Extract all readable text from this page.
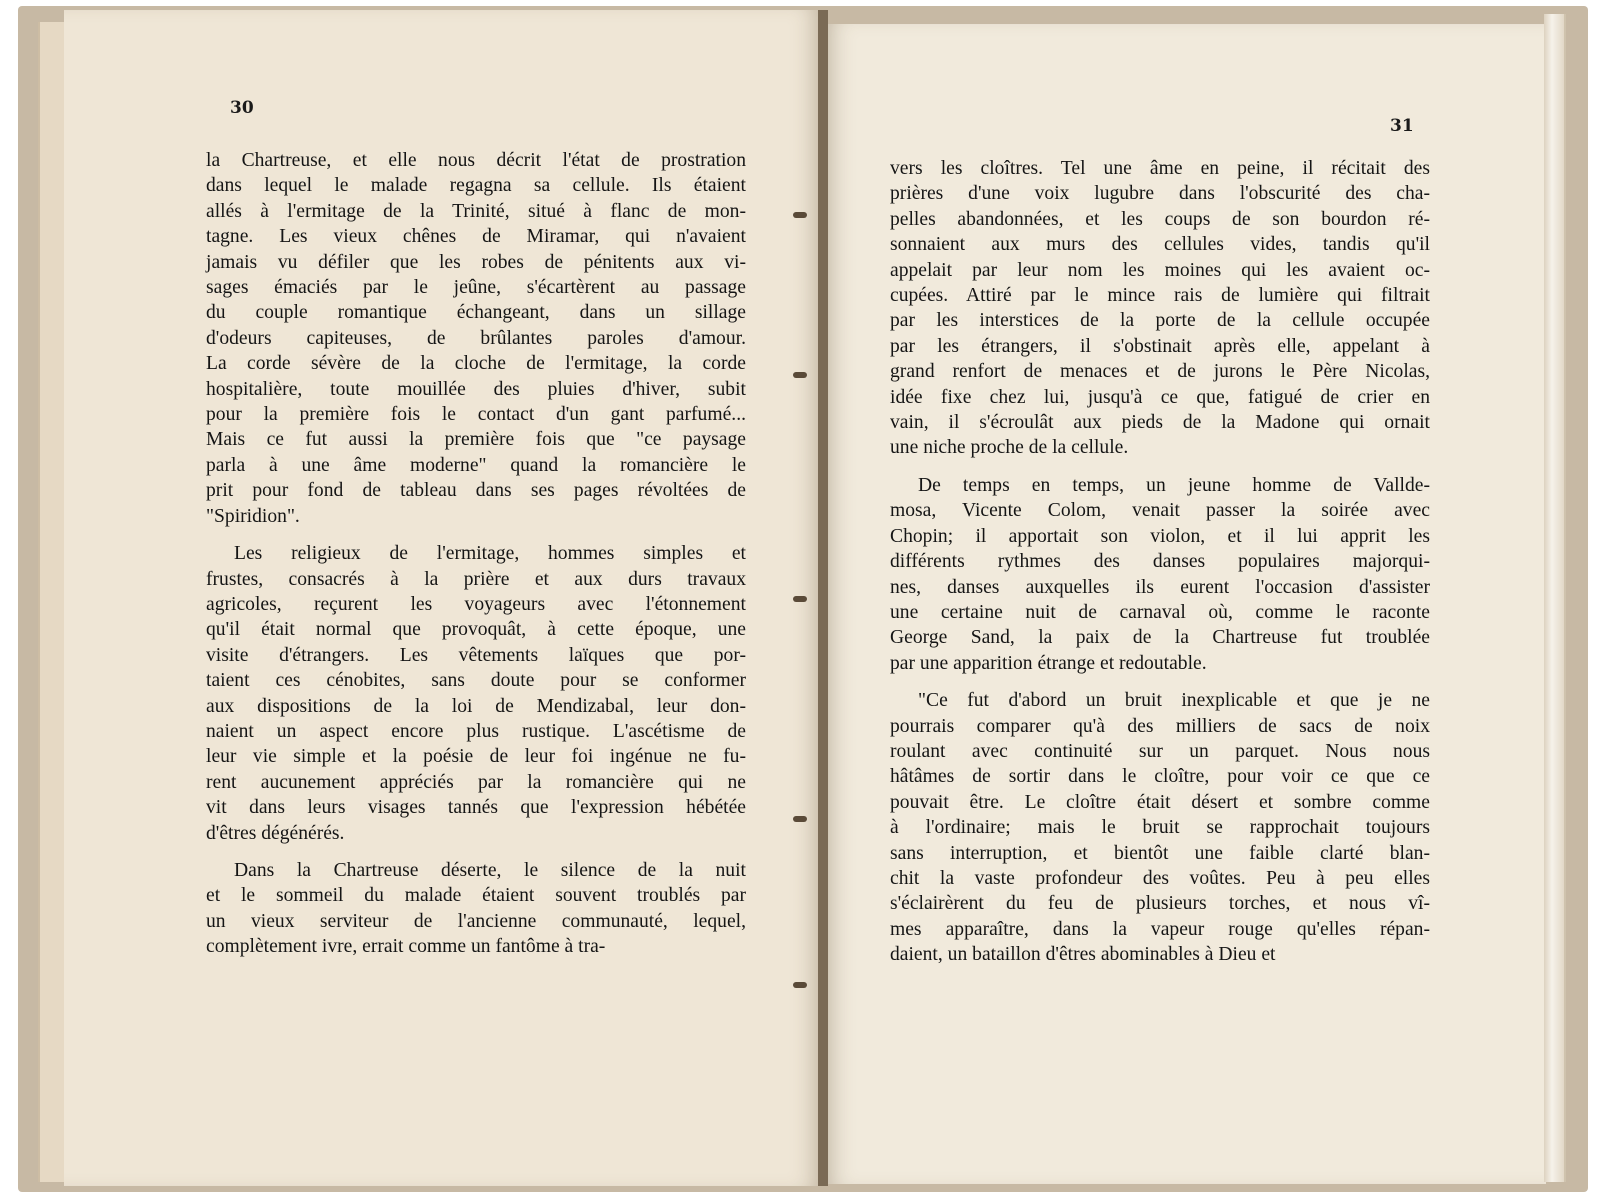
30
31

la Chartreuse, et elle nous décrit l'état de prostration
dans lequel le malade regagna sa cellule. Ils étaient
allés à l'ermitage de la Trinité, situé à flanc de mon-
tagne. Les vieux chênes de Miramar, qui n'avaient
jamais vu défiler que les robes de pénitents aux vi-
sages émaciés par le jeûne, s'écartèrent au passage
du couple romantique échangeant, dans un sillage
d'odeurs capiteuses, de brûlantes paroles d'amour.
La corde sévère de la cloche de l'ermitage, la corde
hospitalière, toute mouillée des pluies d'hiver, subit
pour la première fois le contact d'un gant parfumé...
Mais ce fut aussi la première fois que "ce paysage
parla à une âme moderne" quand la romancière le
prit pour fond de tableau dans ses pages révoltées de
"Spiridion".

Les religieux de l'ermitage, hommes simples et
frustes, consacrés à la prière et aux durs travaux
agricoles, reçurent les voyageurs avec l'étonnement
qu'il était normal que provoquât, à cette époque, une
visite d'étrangers. Les vêtements laïques que por-
taient ces cénobites, sans doute pour se conformer
aux dispositions de la loi de Mendizabal, leur don-
naient un aspect encore plus rustique. L'ascétisme de
leur vie simple et la poésie de leur foi ingénue ne fu-
rent aucunement appréciés par la romancière qui ne
vit dans leurs visages tannés que l'expression hébétée
d'êtres dégénérés.

Dans la Chartreuse déserte, le silence de la nuit
et le sommeil du malade étaient souvent troublés par
un vieux serviteur de l'ancienne communauté, lequel,
complètement ivre, errait comme un fantôme à tra-

vers les cloîtres. Tel une âme en peine, il récitait des
prières d'une voix lugubre dans l'obscurité des cha-
pelles abandonnées, et les coups de son bourdon ré-
sonnaient aux murs des cellules vides, tandis qu'il
appelait par leur nom les moines qui les avaient oc-
cupées. Attiré par le mince rais de lumière qui filtrait
par les interstices de la porte de la cellule occupée
par les étrangers, il s'obstinait après elle, appelant à
grand renfort de menaces et de jurons le Père Nicolas,
idée fixe chez lui, jusqu'à ce que, fatigué de crier en
vain, il s'écroulât aux pieds de la Madone qui ornait
une niche proche de la cellule.

De temps en temps, un jeune homme de Vallde-
mosa, Vicente Colom, venait passer la soirée avec
Chopin; il apportait son violon, et il lui apprit les
différents rythmes des danses populaires majorqui-
nes, danses auxquelles ils eurent l'occasion d'assister
une certaine nuit de carnaval où, comme le raconte
George Sand, la paix de la Chartreuse fut troublée
par une apparition étrange et redoutable.

"Ce fut d'abord un bruit inexplicable et que je ne
pourrais comparer qu'à des milliers de sacs de noix
roulant avec continuité sur un parquet. Nous nous
hâtâmes de sortir dans le cloître, pour voir ce que ce
pouvait être. Le cloître était désert et sombre comme
à l'ordinaire; mais le bruit se rapprochait toujours
sans interruption, et bientôt une faible clarté blan-
chit la vaste profondeur des voûtes. Peu à peu elles
s'éclairèrent du feu de plusieurs torches, et nous vî-
mes apparaître, dans la vapeur rouge qu'elles répan-
daient, un bataillon d'êtres abominables à Dieu et
